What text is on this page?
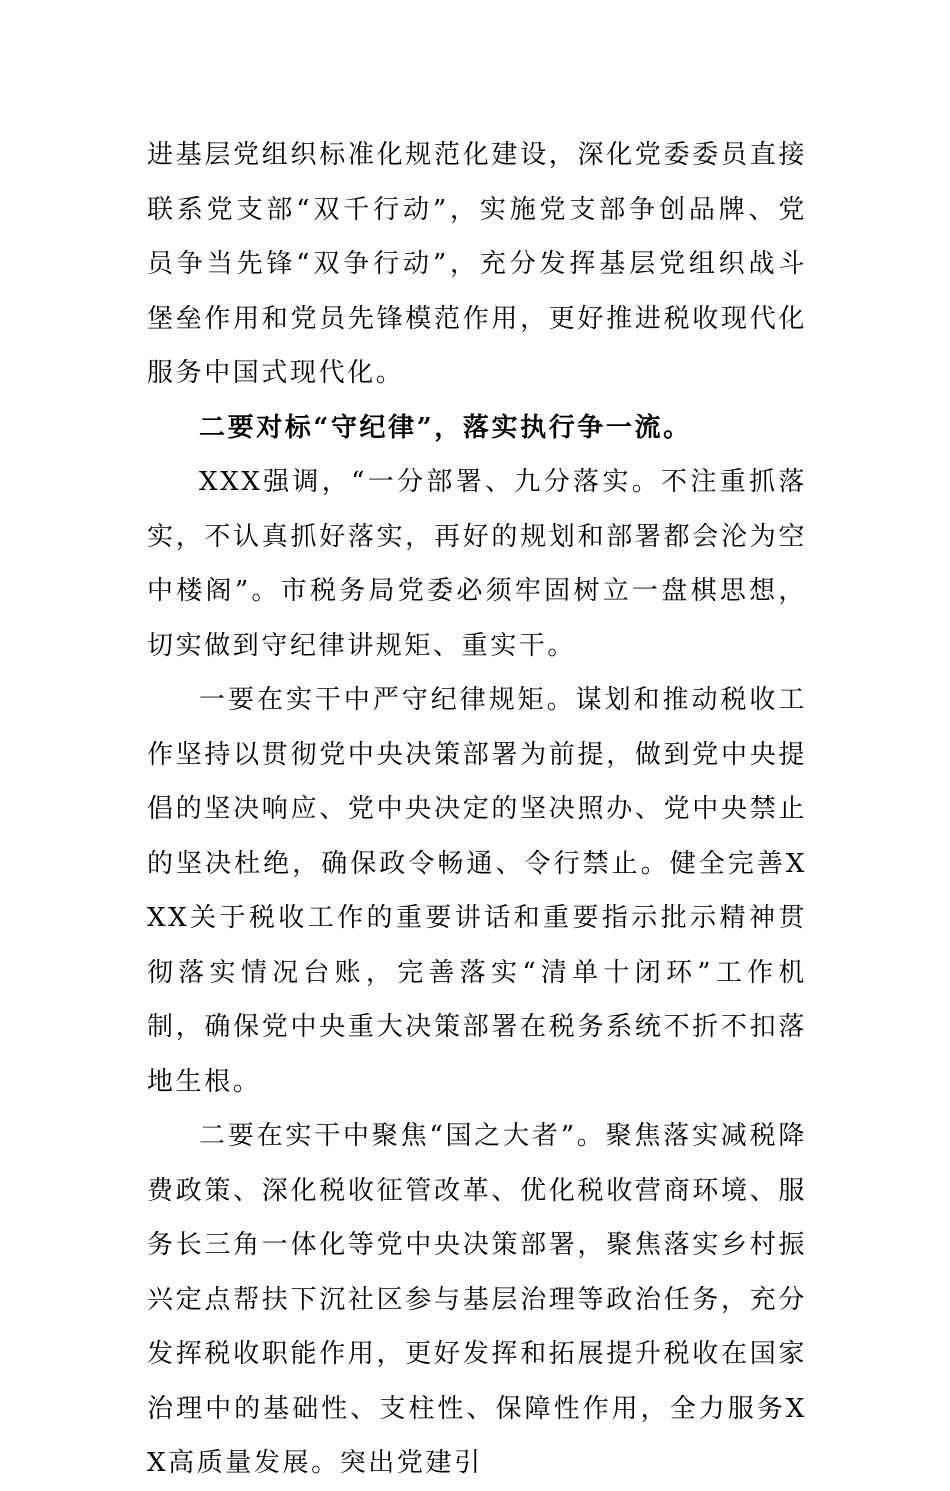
进基层党组织标准化规范化建设，深化党委委员直接联系党支部“双千行动”，实施党支部争创品牌、党员争当先锋“双争行动”，充分发挥基层党组织战斗堡垒作用和党员先锋模范作用，更好推进税收现代化服务中国式现代化。

二要对标“守纪律”，落实执行争一流。

XXX强调，“一分部署、九分落实。不注重抓落实，不认真抓好落实，再好的规划和部署都会沦为空中楼阁”。市税务局党委必须牢固树立一盘棋思想，切实做到守纪律讲规矩、重实干。

一要在实干中严守纪律规矩。谋划和推动税收工作坚持以贯彻党中央决策部署为前提，做到党中央提倡的坚决响应、党中央决定的坚决照办、党中央禁止的坚决杜绝，确保政令畅通、令行禁止。健全完善XXX关于税收工作的重要讲话和重要指示批示精神贯彻落实情况台账，完善落实“清单十闭环”工作机制，确保党中央重大决策部署在税务系统不折不扣落地生根。

二要在实干中聚焦“国之大者”。聚焦落实减税降费政策、深化税收征管改革、优化税收营商环境、服务长三角一体化等党中央决策部署，聚焦落实乡村振兴定点帮扶下沉社区参与基层治理等政治任务，充分发挥税收职能作用，更好发挥和拓展提升税收在国家治理中的基础性、支柱性、保障性作用，全力服务XX高质量发展。突出党建引
